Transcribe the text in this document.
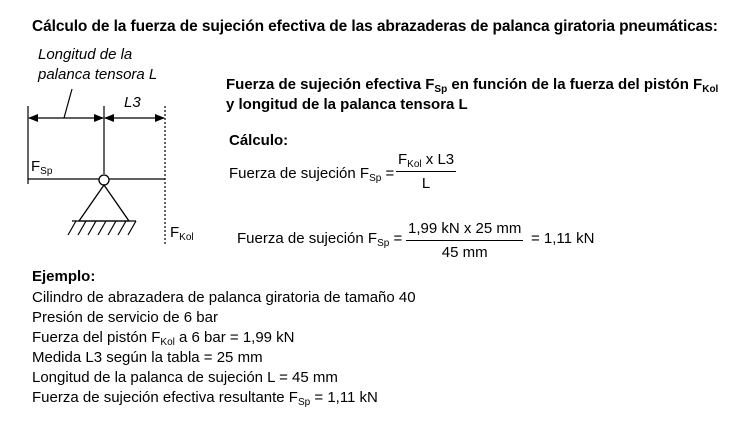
Cálculo de la fuerza de sujeción efectiva de las abrazaderas de palanca giratoria pneumáticas:
Longitud de la
palanca tensora L
L3
$F_{Sp}$
$F_{Kol}$
Fuerza de sujeción efectiva $F_{Sp}$ en función de la fuerza del pistón $F_{Kol}$
y longitud de la palanca tensora L
Cálculo:
Fuerza de sujeción $F_{Sp}$ =
$F_{Kol}$ x L3
L
Fuerza de sujeción $F_{Sp} = \frac{\text{1,99 kN x 25 mm}}{45 mm} = 1,11$ kN
Ejemplo:
Cilindro de abrazadera de palanca giratoria de tamaño 40
Presión de servicio de 6 bar
Fuerza del pistón $F_{Kol}$ a 6 bar = 1,99 kN
Medida L3 según la tabla = 25 mm
Longitud de la palanca de sujeción L = 45 mm
Fuerza de sujeción efectiva resultante $F_{Sp} = 1,11$ kN
